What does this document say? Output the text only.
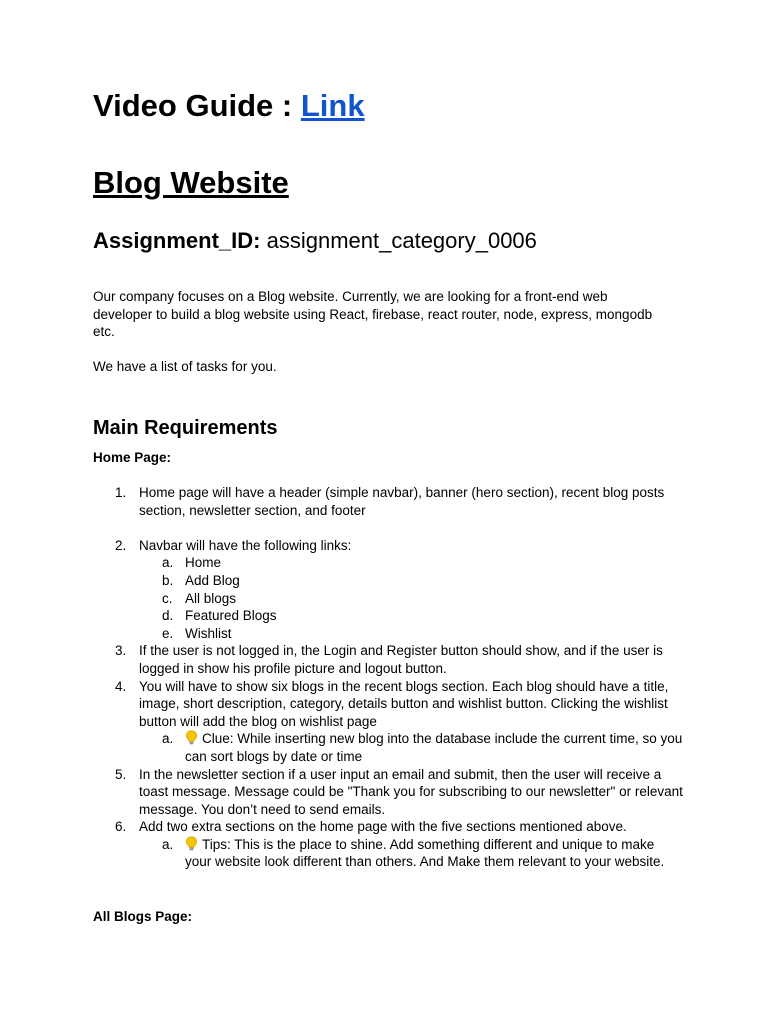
Video Guide : Link
Blog Website
Assignment_ID: assignment_category_0006

Our company focuses on a Blog website. Currently, we are looking for a front-end web developer to build a blog website using React, firebase, react router, node, express, mongodb etc.

We have a list of tasks for you.

Main Requirements

Home Page:

1. Home page will have a header (simple navbar), banner (hero section), recent blog posts section, newsletter section, and footer
2. Navbar will have the following links:
a. Home
b. Add Blog
c. All blogs
d. Featured Blogs
e. Wishlist
3. If the user is not logged in, the Login and Register button should show, and if the user is logged in show his profile picture and logout button.
4. You will have to show six blogs in the recent blogs section. Each blog should have a title, image, short description, category, details button and wishlist button. Clicking the wishlist button will add the blog on wishlist page
a. Clue: While inserting new blog into the database include the current time, so you can sort blogs by date or time
5. In the newsletter section if a user input an email and submit, then the user will receive a toast message. Message could be "Thank you for subscribing to our newsletter" or relevant message. You don’t need to send emails.
6. Add two extra sections on the home page with the five sections mentioned above.
a. Tips: This is the place to shine. Add something different and unique to make your website look different than others. And Make them relevant to your website.

All Blogs Page:
